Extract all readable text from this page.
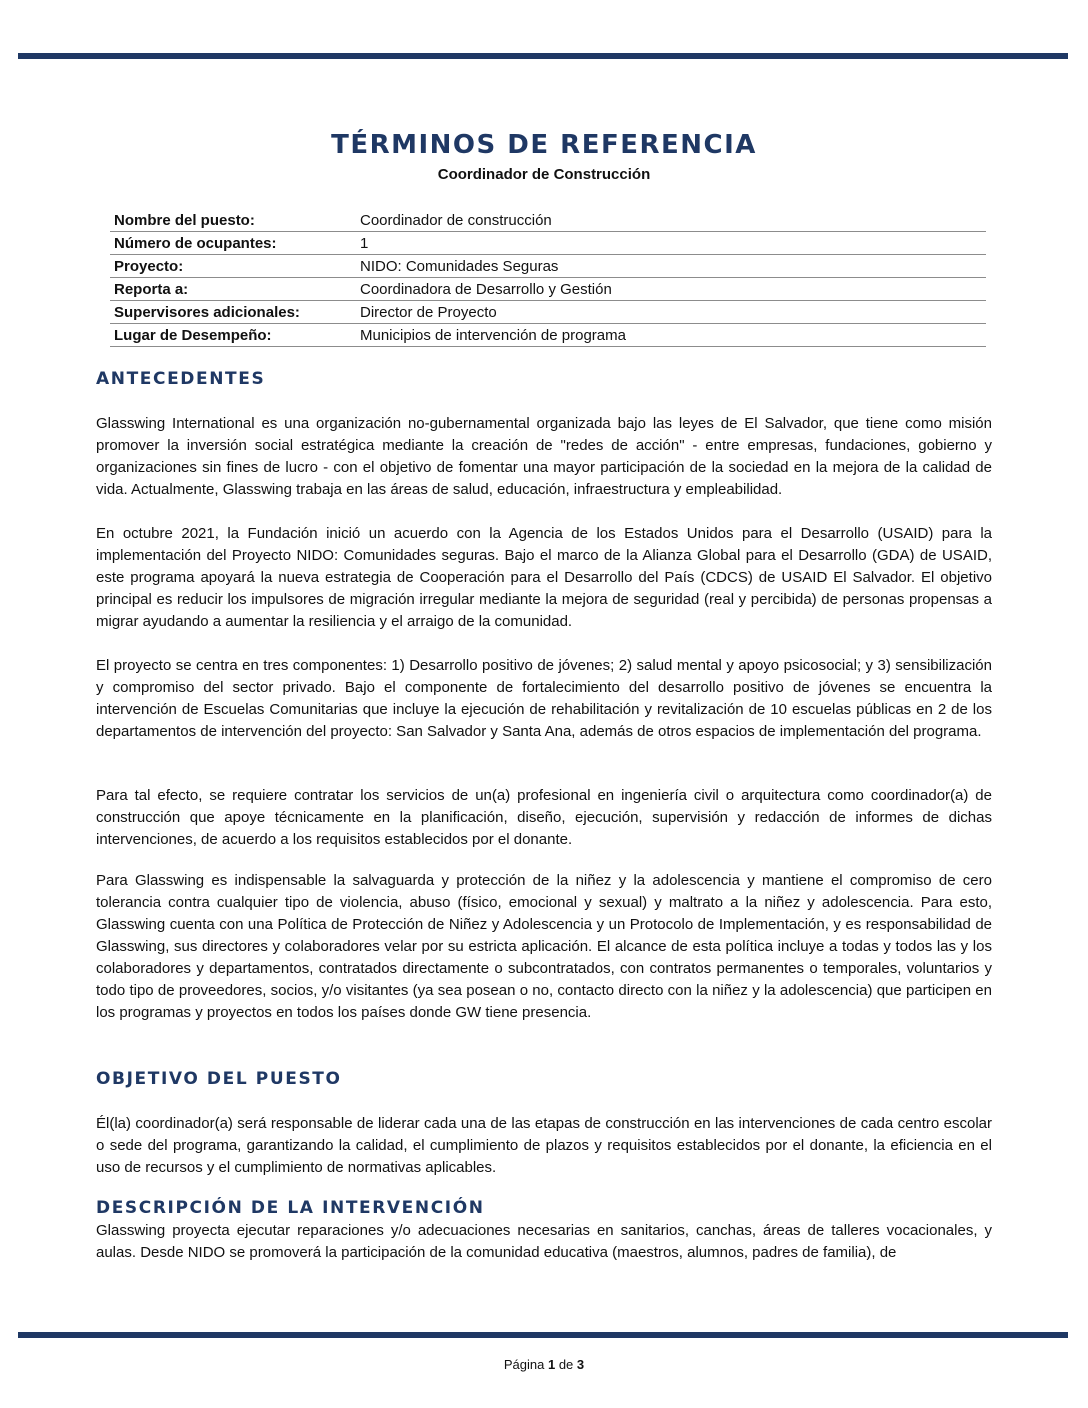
TÉRMINOS DE REFERENCIA

Coordinador de Construcción

Nombre del puesto:	Coordinador de construcción
Número de ocupantes:	1
Proyecto:	NIDO: Comunidades Seguras
Reporta a:	Coordinadora de Desarrollo y Gestión
Supervisores adicionales:	Director de Proyecto
Lugar de Desempeño:	Municipios de intervención de programa
ANTECEDENTES

Glasswing International es una organización no-gubernamental organizada bajo las leyes de El Salvador, que tiene como misión promover la inversión social estratégica mediante la creación de "redes de acción" - entre empresas, fundaciones, gobierno y organizaciones sin fines de lucro - con el objetivo de fomentar una mayor participación de la sociedad en la mejora de la calidad de vida. Actualmente, Glasswing trabaja en las áreas de salud, educación, infraestructura y empleabilidad.

En octubre 2021, la Fundación inició un acuerdo con la Agencia de los Estados Unidos para el Desarrollo (USAID) para la implementación del Proyecto NIDO: Comunidades seguras. Bajo el marco de la Alianza Global para el Desarrollo (GDA) de USAID, este programa apoyará la nueva estrategia de Cooperación para el Desarrollo del País (CDCS) de USAID El Salvador. El objetivo principal es reducir los impulsores de migración irregular mediante la mejora de seguridad (real y percibida) de personas propensas a migrar ayudando a aumentar la resiliencia y el arraigo de la comunidad.

El proyecto se centra en tres componentes: 1) Desarrollo positivo de jóvenes; 2) salud mental y apoyo psicosocial; y 3) sensibilización y compromiso del sector privado. Bajo el componente de fortalecimiento del desarrollo positivo de jóvenes se encuentra la intervención de Escuelas Comunitarias que incluye la ejecución de rehabilitación y revitalización de 10 escuelas públicas en 2 de los departamentos de intervención del proyecto: San Salvador y Santa Ana, además de otros espacios de implementación del programa.

Para tal efecto, se requiere contratar los servicios de un(a) profesional en ingeniería civil o arquitectura como coordinador(a) de construcción que apoye técnicamente en la planificación, diseño, ejecución, supervisión y redacción de informes de dichas intervenciones, de acuerdo a los requisitos establecidos por el donante.

Para Glasswing es indispensable la salvaguarda y protección de la niñez y la adolescencia y mantiene el compromiso de cero tolerancia contra cualquier tipo de violencia, abuso (físico, emocional y sexual) y maltrato a la niñez y adolescencia. Para esto, Glasswing cuenta con una Política de Protección de Niñez y Adolescencia y un Protocolo de Implementación, y es responsabilidad de Glasswing, sus directores y colaboradores velar por su estricta aplicación. El alcance de esta política incluye a todas y todos las y los colaboradores y departamentos, contratados directamente o subcontratados, con contratos permanentes o temporales, voluntarios y todo tipo de proveedores, socios, y/o visitantes (ya sea posean o no, contacto directo con la niñez y la adolescencia) que participen en los programas y proyectos en todos los países donde GW tiene presencia.

OBJETIVO DEL PUESTO

Él(la) coordinador(a) será responsable de liderar cada una de las etapas de construcción en las intervenciones de cada centro escolar o sede del programa, garantizando la calidad, el cumplimiento de plazos y requisitos establecidos por el donante, la eficiencia en el uso de recursos y el cumplimiento de normativas aplicables.

DESCRIPCIÓN DE LA INTERVENCIÓN

Glasswing proyecta ejecutar reparaciones y/o adecuaciones necesarias en sanitarios, canchas, áreas de talleres vocacionales, y aulas. Desde NIDO se promoverá la participación de la comunidad educativa (maestros, alumnos, padres de familia), de

Página 1 de 3
